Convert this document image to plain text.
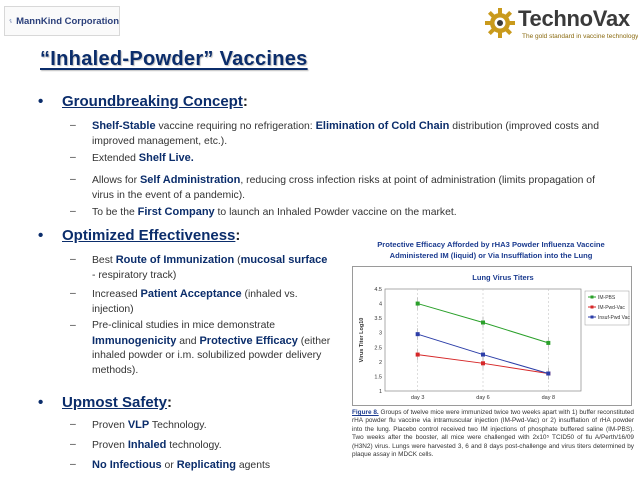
MannKind Corporation	TechnoVax
The gold standard in vaccine technology
“Inhaled-Powder” Vaccines

• Groundbreaking Concept:

– Shelf-Stable vaccine requiring no refrigeration: Elimination of Cold Chain distribution (improved costs and improved management, etc.).

– Extended Shelf Live.

– Allows for Self Administration, reducing cross infection risks at point of administration (limits propagation of virus in the event of a pandemic).

– To be the First Company to launch an Inhaled Powder vaccine on the market.

• Optimized Effectiveness:

– Best Route of Immunization (mucosal surface - respiratory track)

– Increased Patient Acceptance (inhaled vs. injection)

– Pre-clinical studies in mice demonstrate Immunogenicity and Protective Efficacy (either inhaled powder or i.m. solubilized powder delivery methods).

• Upmost Safety:

– Proven VLP Technology.

– Proven Inhaled technology.

– No Infectious or Replicating agents

Protective Efficacy Afforded by rHA3 Powder Influenza Vaccine
Administered IM (liquid) or Via Insufflation into the Lung

Lung Virus Titers
1
1.5
2
2.5
3
3.5
4
4.5
day 3	day 6	day 8
Virus Titer Log10
IM-PBS
IM-Pwd-Vac
Insuf-Pwd Vac

Figure 8. Groups of twelve mice were immunized twice two weeks apart with 1) buffer reconstituted rHA powder flu vaccine via intramuscular injection (IM-Pwd-Vac) or 2) insufflation of rHA powder into the lung. Placebo control received two IM injections of phosphate buffered saline (IM-PBS). Two weeks after the booster, all mice were challenged with 2x10⁵ TCID50 of flu A/Perth/16/09 (H3N2) virus. Lungs were harvested 3, 6 and 8 days post-challenge and virus titers determined by plaque assay in MDCK cells.
